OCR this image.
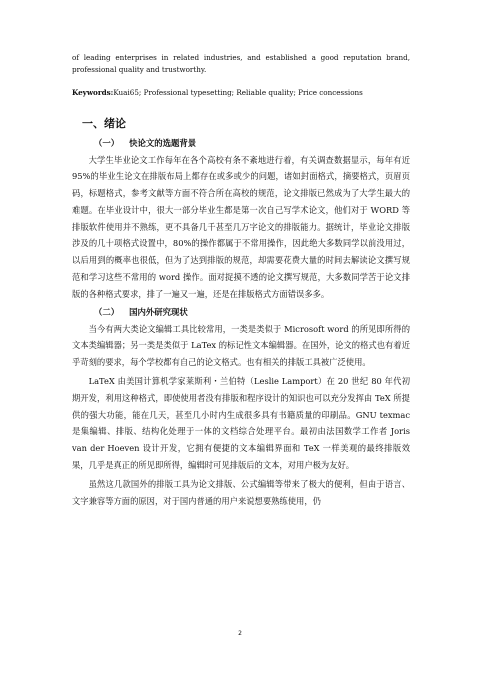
of leading enterprises in related industries, and established a good reputation brand, professional quality and trustworthy.

Keywords:Kuai65; Professional typesetting; Reliable quality; Price concessions

一、绪论
（一） 快论文的选题背景

大学生毕业论文工作每年在各个高校有条不紊地进行着，有关调查数据显示，每年有近 95%的毕业生论文在排版布局上都存在或多或少的问题，诸如封面格式，摘要格式，页眉页码，标题格式，参考文献等方面不符合所在高校的规范，论文排版已然成为了大学生最大的难题。在毕业设计中，很大一部分毕业生都是第一次自己写学术论文，他们对于 WORD 等排版软件使用并不熟练，更不具备几千甚至几万字论文的排版能力。据统计，毕业论文排版涉及的几十项格式设置中，80%的操作都属于不常用操作，因此绝大多数同学以前没用过，以后用到的概率也很低，但为了达到排版的规范，却需要花费大量的时间去解读论文撰写规范和学习这些不常用的 word 操作。面对捉摸不透的论文撰写规范，大多数同学苦于论文排版的各种格式要求，排了一遍又一遍，还是在排版格式方面错误多多。

（二） 国内外研究现状

当今有两大类论文编辑工具比较常用，一类是类似于 Microsoft word 的所见即所得的文本类编辑器；另一类是类似于 LaTex 的标记性文本编辑器。在国外，论文的格式也有着近乎苛刻的要求，每个学校都有自己的论文格式。也有相关的排版工具被广泛使用。

LaTeX 由美国计算机学家莱斯利・兰伯特（Leslie Lamport）在 20 世纪 80 年代初期开发，利用这种格式，即使使用者没有排版和程序设计的知识也可以充分发挥由 TeX 所提供的强大功能，能在几天，甚至几小时内生成很多具有书籍质量的印刷品。GNU texmac 是集编辑、排版、结构化处理于一体的文档综合处理平台。最初由法国数学工作者 Joris van der Hoeven 设计开发，它拥有便捷的文本编辑界面和 TeX 一样美观的最终排版效果，几乎是真正的所见即所得，编辑时可见排版后的文本，对用户极为友好。

虽然这几款国外的排版工具为论文排版、公式编辑等带来了极大的便利，但由于语言、文字兼容等方面的原因，对于国内普通的用户来说想要熟练使用，仍

2
